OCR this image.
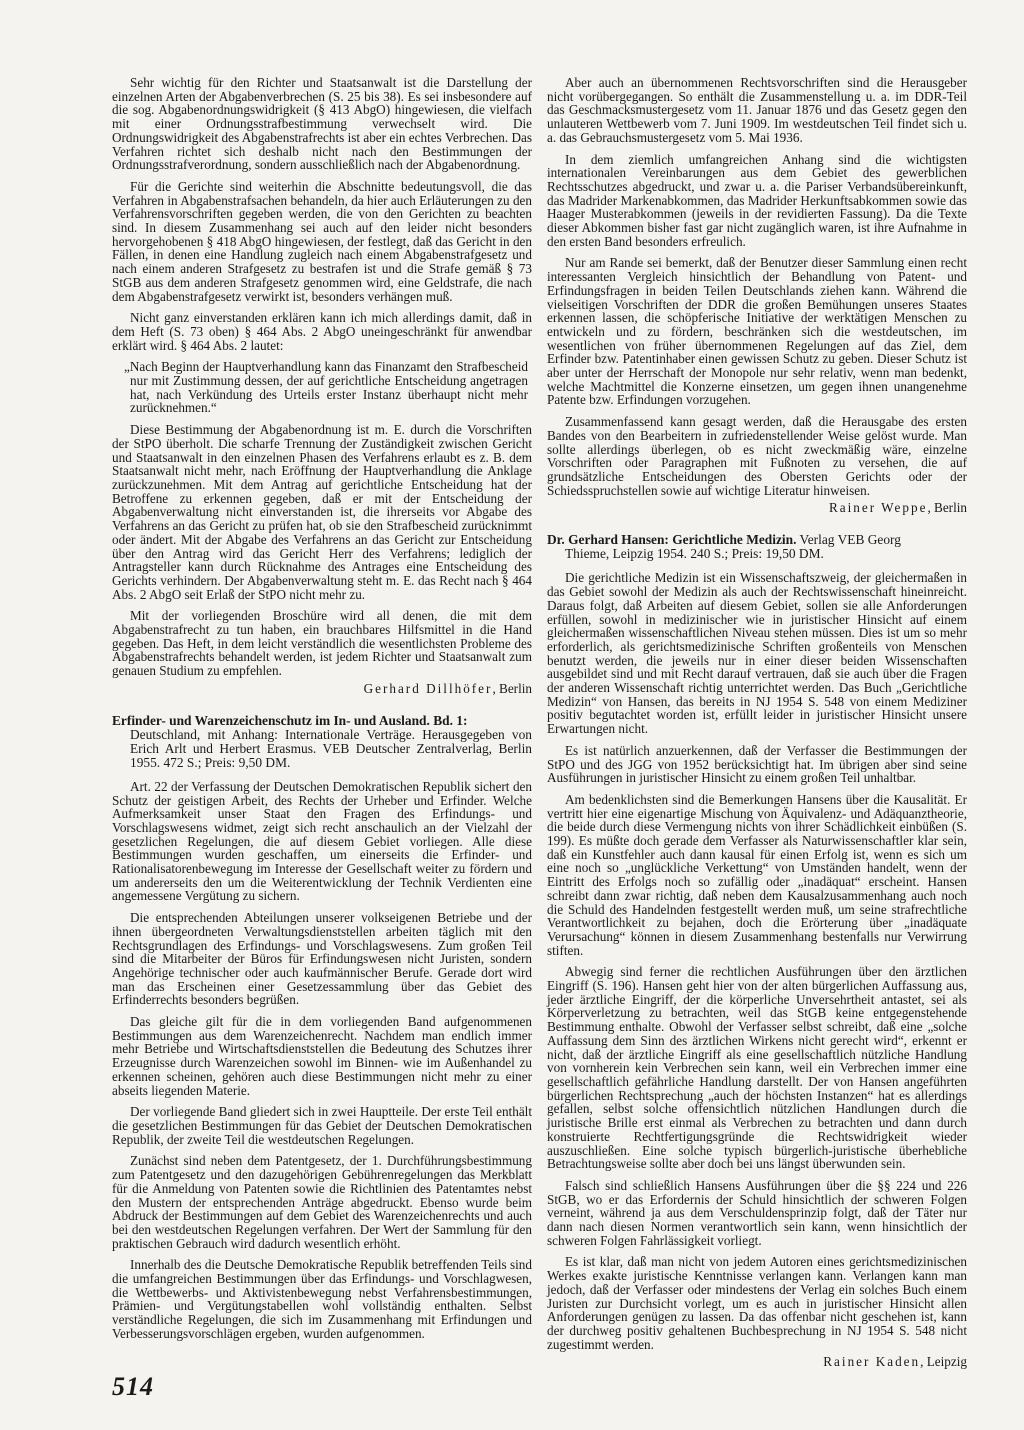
Sehr wichtig für den Richter und Staatsanwalt ist die Darstellung der einzelnen Arten der Abgabenverbrechen (S. 25 bis 38). Es sei insbesondere auf die sog. Abgabenordnungswidrigkeit (§ 413 AbgO) hingewiesen, die vielfach mit einer Ordnungsstrafbestimmung verwechselt wird. Die Ordnungswidrigkeit des Abgabenstrafrechts ist aber ein echtes Verbrechen. Das Verfahren richtet sich deshalb nicht nach den Bestimmungen der Ordnungsstrafverordnung, sondern ausschließlich nach der Abgabenordnung.

Für die Gerichte sind weiterhin die Abschnitte bedeutungsvoll, die das Verfahren in Abgabenstrafsachen behandeln, da hier auch Erläuterungen zu den Verfahrensvorschriften gegeben werden, die von den Gerichten zu beachten sind. In diesem Zusammenhang sei auch auf den leider nicht besonders hervorgehobenen § 418 AbgO hingewiesen, der festlegt, daß das Gericht in den Fällen, in denen eine Handlung zugleich nach einem Abgabenstrafgesetz und nach einem anderen Strafgesetz zu bestrafen ist und die Strafe gemäß § 73 StGB aus dem anderen Strafgesetz genommen wird, eine Geldstrafe, die nach dem Abgabenstrafgesetz verwirkt ist, besonders verhängen muß.

Nicht ganz einverstanden erklären kann ich mich allerdings damit, daß in dem Heft (S. 73 oben) § 464 Abs. 2 AbgO uneingeschränkt für anwendbar erklärt wird. § 464 Abs. 2 lautet:

„Nach Beginn der Hauptverhandlung kann das Finanzamt den Strafbescheid nur mit Zustimmung dessen, der auf gerichtliche Entscheidung angetragen hat, nach Verkündung des Urteils erster Instanz überhaupt nicht mehr zurücknehmen.“

Diese Bestimmung der Abgabenordnung ist m. E. durch die Vorschriften der StPO überholt. Die scharfe Trennung der Zuständigkeit zwischen Gericht und Staatsanwalt in den einzelnen Phasen des Verfahrens erlaubt es z. B. dem Staatsanwalt nicht mehr, nach Eröffnung der Hauptverhandlung die Anklage zurückzunehmen. Mit dem Antrag auf gerichtliche Entscheidung hat der Betroffene zu erkennen gegeben, daß er mit der Entscheidung der Abgabenverwaltung nicht einverstanden ist, die ihrerseits vor Abgabe des Verfahrens an das Gericht zu prüfen hat, ob sie den Strafbescheid zurücknimmt oder ändert. Mit der Abgabe des Verfahrens an das Gericht zur Entscheidung über den Antrag wird das Gericht Herr des Verfahrens; lediglich der Antragsteller kann durch Rücknahme des Antrages eine Entscheidung des Gerichts verhindern. Der Abgabenverwaltung steht m. E. das Recht nach § 464 Abs. 2 AbgO seit Erlaß der StPO nicht mehr zu.

Mit der vorliegenden Broschüre wird all denen, die mit dem Abgabenstrafrecht zu tun haben, ein brauchbares Hilfsmittel in die Hand gegeben. Das Heft, in dem leicht verständlich die wesentlichsten Probleme des Abgabenstrafrechts behandelt werden, ist jedem Richter und Staatsanwalt zum genauen Studium zu empfehlen.

Gerhard Dillhöfer, Berlin
Erfinder- und Warenzeichenschutz im In- und Ausland. Bd. 1:
Deutschland, mit Anhang: Internationale Verträge. Herausgegeben von Erich Arlt und Herbert Erasmus. VEB Deutscher Zentralverlag, Berlin 1955. 472 S.; Preis: 9,50 DM.

Art. 22 der Verfassung der Deutschen Demokratischen Republik sichert den Schutz der geistigen Arbeit, des Rechts der Urheber und Erfinder. Welche Aufmerksamkeit unser Staat den Fragen des Erfindungs- und Vorschlagswesens widmet, zeigt sich recht anschaulich an der Vielzahl der gesetzlichen Regelungen, die auf diesem Gebiet vorliegen. Alle diese Bestimmungen wurden geschaffen, um einerseits die Erfinder- und Rationalisatorenbewegung im Interesse der Gesellschaft weiter zu fördern und um andererseits den um die Weiterentwicklung der Technik Verdienten eine angemessene Vergütung zu sichern.

Die entsprechenden Abteilungen unserer volkseigenen Betriebe und der ihnen übergeordneten Verwaltungsdienststellen arbeiten täglich mit den Rechtsgrundlagen des Erfindungs- und Vorschlagswesens. Zum großen Teil sind die Mitarbeiter der Büros für Erfindungswesen nicht Juristen, sondern Angehörige technischer oder auch kaufmännischer Berufe. Gerade dort wird man das Erscheinen einer Gesetzessammlung über das Gebiet des Erfinderrechts besonders begrüßen.

Das gleiche gilt für die in dem vorliegenden Band aufgenommenen Bestimmungen aus dem Warenzeichenrecht. Nachdem man endlich immer mehr Betriebe und Wirtschaftsdienststellen die Bedeutung des Schutzes ihrer Erzeugnisse durch Warenzeichen sowohl im Binnen- wie im Außenhandel zu erkennen scheinen, gehören auch diese Bestimmungen nicht mehr zu einer abseits liegenden Materie.

Der vorliegende Band gliedert sich in zwei Hauptteile. Der erste Teil enthält die gesetzlichen Bestimmungen für das Gebiet der Deutschen Demokratischen Republik, der zweite Teil die westdeutschen Regelungen.

Zunächst sind neben dem Patentgesetz, der 1. Durchführungsbestimmung zum Patentgesetz und den dazugehörigen Gebührenregelungen das Merkblatt für die Anmeldung von Patenten sowie die Richtlinien des Patentamtes nebst den Mustern der entsprechenden Anträge abgedruckt. Ebenso wurde beim Abdruck der Bestimmungen auf dem Gebiet des Warenzeichenrechts und auch bei den westdeutschen Regelungen verfahren. Der Wert der Sammlung für den praktischen Gebrauch wird dadurch wesentlich erhöht.

Innerhalb des die Deutsche Demokratische Republik betreffenden Teils sind die umfangreichen Bestimmungen über das Erfindungs- und Vorschlagwesen, die Wettbewerbs- und Aktivistenbewegung nebst Verfahrensbestimmungen, Prämien- und Vergütungstabellen wohl vollständig enthalten. Selbst verständliche Regelungen, die sich im Zusammenhang mit Erfindungen und Verbesserungsvorschlägen ergeben, wurden aufgenommen.

Aber auch an übernommenen Rechtsvorschriften sind die Herausgeber nicht vorübergegangen. So enthält die Zusammenstellung u. a. im DDR-Teil das Geschmacksmustergesetz vom 11. Januar 1876 und das Gesetz gegen den unlauteren Wettbewerb vom 7. Juni 1909. Im westdeutschen Teil findet sich u. a. das Gebrauchsmustergesetz vom 5. Mai 1936.

In dem ziemlich umfangreichen Anhang sind die wichtigsten internationalen Vereinbarungen aus dem Gebiet des gewerblichen Rechtsschutzes abgedruckt, und zwar u. a. die Pariser Verbandsübereinkunft, das Madrider Markenabkommen, das Madrider Herkunftsabkommen sowie das Haager Musterabkommen (jeweils in der revidierten Fassung). Da die Texte dieser Abkommen bisher fast gar nicht zugänglich waren, ist ihre Aufnahme in den ersten Band besonders erfreulich.

Nur am Rande sei bemerkt, daß der Benutzer dieser Sammlung einen recht interessanten Vergleich hinsichtlich der Behandlung von Patent- und Erfindungsfragen in beiden Teilen Deutschlands ziehen kann. Während die vielseitigen Vorschriften der DDR die großen Bemühungen unseres Staates erkennen lassen, die schöpferische Initiative der werktätigen Menschen zu entwickeln und zu fördern, beschränken sich die westdeutschen, im wesentlichen von früher übernommenen Regelungen auf das Ziel, dem Erfinder bzw. Patentinhaber einen gewissen Schutz zu geben. Dieser Schutz ist aber unter der Herrschaft der Monopole nur sehr relativ, wenn man bedenkt, welche Machtmittel die Konzerne einsetzen, um gegen ihnen unangenehme Patente bzw. Erfindungen vorzugehen.

Zusammenfassend kann gesagt werden, daß die Herausgabe des ersten Bandes von den Bearbeitern in zufriedenstellender Weise gelöst wurde. Man sollte allerdings überlegen, ob es nicht zweckmäßig wäre, einzelne Vorschriften oder Paragraphen mit Fußnoten zu versehen, die auf grundsätzliche Entscheidungen des Obersten Gerichts oder der Schiedsspruchstellen sowie auf wichtige Literatur hinweisen.

Rainer Weppe, Berlin
Dr. Gerhard Hansen: Gerichtliche Medizin. Verlag VEB Georg
Thieme, Leipzig 1954. 240 S.; Preis: 19,50 DM.

Die gerichtliche Medizin ist ein Wissenschaftszweig, der gleichermaßen in das Gebiet sowohl der Medizin als auch der Rechtswissenschaft hineinreicht. Daraus folgt, daß Arbeiten auf diesem Gebiet, sollen sie alle Anforderungen erfüllen, sowohl in medizinischer wie in juristischer Hinsicht auf einem gleichermaßen wissenschaftlichen Niveau stehen müssen. Dies ist um so mehr erforderlich, als gerichtsmedizinische Schriften großenteils von Menschen benutzt werden, die jeweils nur in einer dieser beiden Wissenschaften ausgebildet sind und mit Recht darauf vertrauen, daß sie auch über die Fragen der anderen Wissenschaft richtig unterrichtet werden. Das Buch „Gerichtliche Medizin“ von Hansen, das bereits in NJ 1954 S. 548 von einem Mediziner positiv begutachtet worden ist, erfüllt leider in juristischer Hinsicht unsere Erwartungen nicht.

Es ist natürlich anzuerkennen, daß der Verfasser die Bestimmungen der StPO und des JGG von 1952 berücksichtigt hat. Im übrigen aber sind seine Ausführungen in juristischer Hinsicht zu einem großen Teil unhaltbar.

Am bedenklichsten sind die Bemerkungen Hansens über die Kausalität. Er vertritt hier eine eigenartige Mischung von Äquivalenz- und Adäquanztheorie, die beide durch diese Vermengung nichts von ihrer Schädlichkeit einbüßen (S. 199). Es müßte doch gerade dem Verfasser als Naturwissenschaftler klar sein, daß ein Kunstfehler auch dann kausal für einen Erfolg ist, wenn es sich um eine noch so „unglückliche Verkettung“ von Umständen handelt, wenn der Eintritt des Erfolgs noch so zufällig oder „inadäquat“ erscheint. Hansen schreibt dann zwar richtig, daß neben dem Kausalzusammenhang auch noch die Schuld des Handelnden festgestellt werden muß, um seine strafrechtliche Verantwortlichkeit zu bejahen, doch die Erörterung über „inadäquate Verursachung“ können in diesem Zusammenhang bestenfalls nur Verwirrung stiften.

Abwegig sind ferner die rechtlichen Ausführungen über den ärztlichen Eingriff (S. 196). Hansen geht hier von der alten bürgerlichen Auffassung aus, jeder ärztliche Eingriff, der die körperliche Unversehrtheit antastet, sei als Körperverletzung zu betrachten, weil das StGB keine entgegenstehende Bestimmung enthalte. Obwohl der Verfasser selbst schreibt, daß eine „solche Auffassung dem Sinn des ärztlichen Wirkens nicht gerecht wird“, erkennt er nicht, daß der ärztliche Eingriff als eine gesellschaftlich nützliche Handlung von vornherein kein Verbrechen sein kann, weil ein Verbrechen immer eine gesellschaftlich gefährliche Handlung darstellt. Der von Hansen angeführten bürgerlichen Rechtsprechung „auch der höchsten Instanzen“ hat es allerdings gefallen, selbst solche offensichtlich nützlichen Handlungen durch die juristische Brille erst einmal als Verbrechen zu betrachten und dann durch konstruierte Rechtfertigungsgründe die Rechtswidrigkeit wieder auszuschließen. Eine solche typisch bürgerlich-juristische überhebliche Betrachtungsweise sollte aber doch bei uns längst überwunden sein.

Falsch sind schließlich Hansens Ausführungen über die §§ 224 und 226 StGB, wo er das Erfordernis der Schuld hinsichtlich der schweren Folgen verneint, während ja aus dem Verschuldensprinzip folgt, daß der Täter nur dann nach diesen Normen verantwortlich sein kann, wenn hinsichtlich der schweren Folgen Fahrlässigkeit vorliegt.

Es ist klar, daß man nicht von jedem Autoren eines gerichtsmedizinischen Werkes exakte juristische Kenntnisse verlangen kann. Verlangen kann man jedoch, daß der Verfasser oder mindestens der Verlag ein solches Buch einem Juristen zur Durchsicht vorlegt, um es auch in juristischer Hinsicht allen Anforderungen genügen zu lassen. Da das offenbar nicht geschehen ist, kann der durchweg positiv gehaltenen Buchbesprechung in NJ 1954 S. 548 nicht zugestimmt werden.

Rainer Kaden, Leipzig
514
